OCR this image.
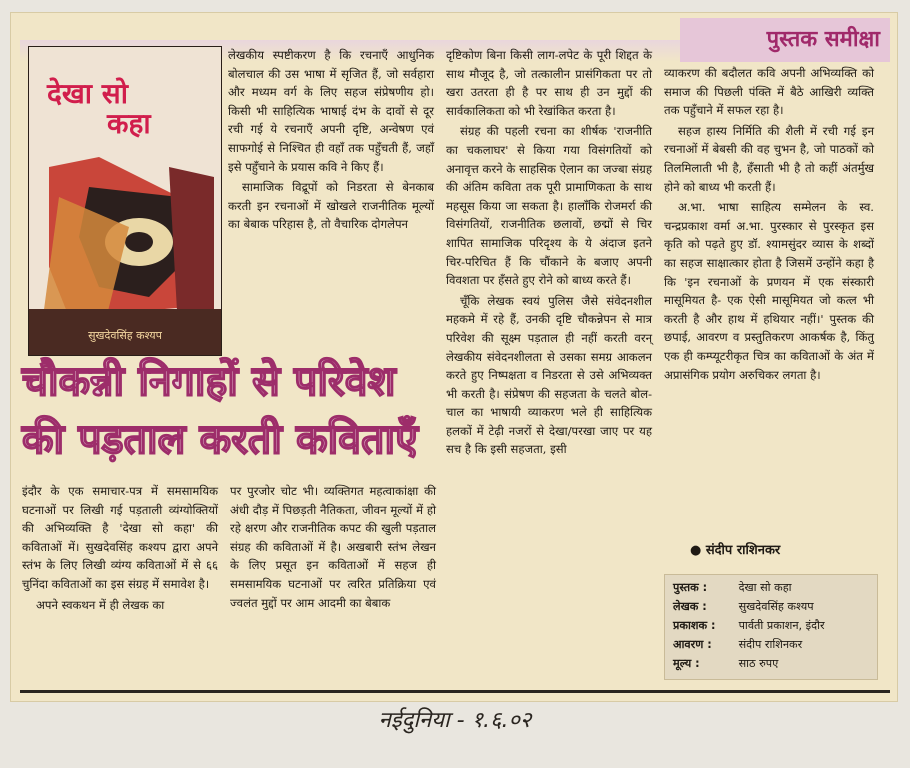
पुस्तक समीक्षा
देखा सो
कहा
सुखदेवसिंह कश्यप

लेखकीय स्पष्टीकरण है कि रचनाएँ आधुनिक बोलचाल की उस भाषा में सृजित हैं, जो सर्वहारा और मध्यम वर्ग के लिए सहज संप्रेषणीय हो। किसी भी साहित्यिक भाषाई दंभ के दावों से दूर रची गई ये रचनाएँ अपनी दृष्टि, अन्वेषण एवं साफगोई से निश्चित ही वहाँ तक पहुँचती हैं, जहाँ इसे पहुँचाने के प्रयास कवि ने किए हैं।

सामाजिक विद्रूपों को निडरता से बेनकाब करती इन रचनाओं में खोखले राजनीतिक मूल्यों का बेबाक परिहास है, तो वैचारिक दोगलेपन

दृष्टिकोण बिना किसी लाग-लपेट के पूरी शिद्दत के साथ मौजूद है, जो तत्कालीन प्रासंगिकता पर तो खरा उतरता ही है पर साथ ही उन मुद्दों की सार्वकालिकता को भी रेखांकित करता है।

संग्रह की पहली रचना का शीर्षक 'राजनीति का चकलाघर' से किया गया विसंगतियों को अनावृत्त करने के साहसिक ऐलान का जज्बा संग्रह की अंतिम कविता तक पूरी प्रामाणिकता के साथ महसूस किया जा सकता है। हालाँकि रोजमर्रा की विसंगतियों, राजनीतिक छलावों, छद्मों से चिर शापित सामाजिक परिदृश्य के ये अंदाज इतने चिर-परिचित हैं कि चौंकाने के बजाए अपनी विवशता पर हँसते हुए रोने को बाध्य करते हैं।

चूँकि लेखक स्वयं पुलिस जैसे संवेदनशील महकमे में रहे हैं, उनकी दृष्टि चौकन्नेपन से मात्र परिवेश की सूक्ष्म पड़ताल ही नहीं करती वरन् लेखकीय संवेदनशीलता से उसका समग्र आकलन करते हुए निष्पक्षता व निडरता से उसे अभिव्यक्त भी करती है। संप्रेषण की सहजता के चलते बोल-चाल का भाषायी व्याकरण भले ही साहित्यिक हलकों में टेढ़ी नजरों से देखा/परखा जाए पर यह सच है कि इसी सहजता, इसी

व्याकरण की बदौलत कवि अपनी अभिव्यक्ति को समाज की पिछली पंक्ति में बैठे आखिरी व्यक्ति तक पहुँचाने में सफल रहा है।

सहज हास्य निर्मिति की शैली में रची गई इन रचनाओं में बेबसी की वह चुभन है, जो पाठकों को तिलमिलाती भी है, हँसाती भी है तो कहीं अंतर्मुख होने को बाध्य भी करती हैं।

अ.भा. भाषा साहित्य सम्मेलन के स्व. चन्द्रप्रकाश वर्मा अ.भा. पुरस्कार से पुरस्कृत इस कृति को पढ़ते हुए डॉ. श्यामसुंदर व्यास के शब्दों का सहज साक्षात्कार होता है जिसमें उन्होंने कहा है कि 'इन रचनाओं के प्रणयन में एक संस्कारी मासूमियत है- एक ऐसी मासूमियत जो कत्ल भी करती है और हाथ में हथियार नहीं।' पुस्तक की छपाई, आवरण व प्रस्तुतिकरण आकर्षक है, किंतु एक ही कम्प्यूटरीकृत चित्र का कविताओं के अंत में अप्रासंगिक प्रयोग अरुचिकर लगता है।

चौकन्नी निगाहों से परिवेश
की पड़ताल करती कविताएँ

इंदौर के एक समाचार-पत्र में समसामयिक घटनाओं पर लिखी गई पड़ताली व्यंग्योक्तियों की अभिव्यक्ति है 'देखा सो कहा' की कविताओं में। सुखदेवसिंह कश्यप द्वारा अपने स्तंभ के लिए लिखी व्यंग्य कविताओं में से ६६ चुनिंदा कविताओं का इस संग्रह में समावेश है।

अपने स्वकथन में ही लेखक का

पर पुरजोर चोट भी। व्यक्तिगत महत्वाकांक्षा की अंधी दौड़ में पिछड़ती नैतिकता, जीवन मूल्यों में हो रहे क्षरण और राजनीतिक कपट की खुली पड़ताल संग्रह की कविताओं में है। अखबारी स्तंभ लेखन के लिए प्रसूत इन कविताओं में सहज ही समसामयिक घटनाओं पर त्वरित प्रतिक्रिया एवं ज्वलंत मुद्दों पर आम आदमी का बेबाक

● संदीप राशिनकर
पुस्तक :	देखा सो कहा
लेखक :	सुखदेवसिंह कश्यप
प्रकाशक : पार्वती प्रकाशन, इंदौर
आवरण : संदीप राशिनकर
मूल्य :	साठ रुपए
नईदुनिया - १.६.०२
